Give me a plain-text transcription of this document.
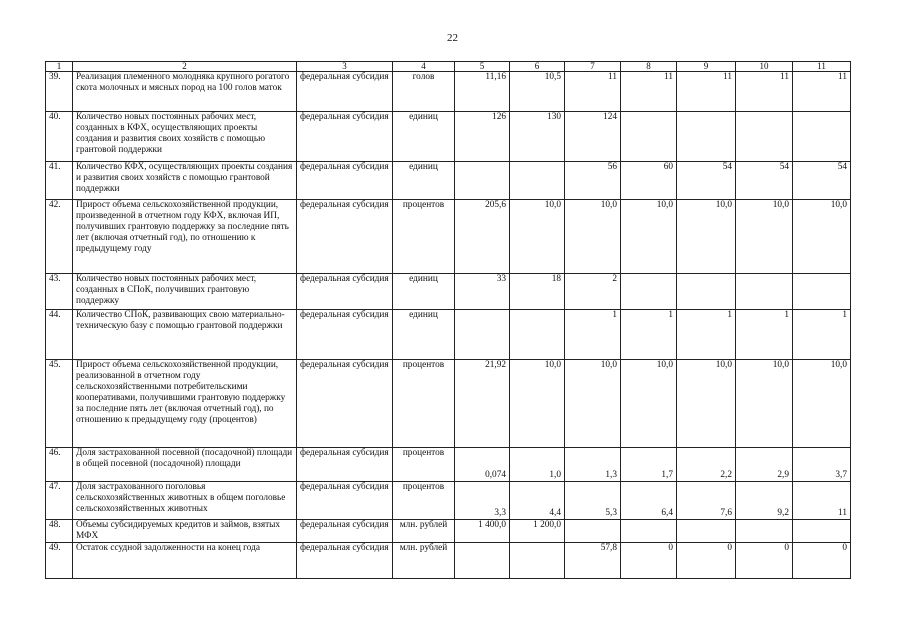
22
1	2	3	4	5	6	7	8	9	10	11
39.	Реализация племенного молодняка крупного рогатого скота молочных и мясных пород на 100 голов маток	федеральная субсидия	голов	11,16	10,5	11	11	11	11	11
40.	Количество новых постоянных рабочих мест, созданных в КФХ, осуществляющих проекты создания и развития своих хозяйств с помощью грантовой поддержки	федеральная субсидия	единиц	126	130	124				
41.	Количество КФХ, осуществляющих проекты создания и развития своих хозяйств с помощью грантовой поддержки	федеральная субсидия	единиц			56	60	54	54	54
42.	Прирост объема сельскохозяйственной продукции, произведенной в отчетном году КФХ, включая ИП, получивших грантовую поддержку за последние пять лет (включая отчетный год), по отношению к предыдущему году	федеральная субсидия	процентов	205,6	10,0	10,0	10,0	10,0	10,0	10,0
43.	Количество новых постоянных рабочих мест, созданных в СПоК, получивших грантовую поддержку	федеральная субсидия	единиц	33	18	2				
44.	Количество СПоК, развивающих свою материально-техническую базу с помощью грантовой поддержки	федеральная субсидия	единиц			1	1	1	1	1
45.	Прирост объема сельскохозяйственной продукции, реализованной в отчетном году сельскохозяйственными потребительскими кооперативами, получившими грантовую поддержку за последние пять лет (включая отчетный год), по отношению к предыдущему году (процентов)	федеральная субсидия	процентов	21,92	10,0	10,0	10,0	10,0	10,0	10,0
46.	Доля застрахованной посевной (посадочной) площади в общей посевной (посадочной) площади	федеральная субсидия	процентов	0,074	1,0	1,3	1,7	2,2	2,9	3,7
47.	Доля застрахованного поголовья сельскохозяйственных животных в общем поголовье сельскохозяйственных животных	федеральная субсидия	процентов	3,3	4,4	5,3	6,4	7,6	9,2	11
48.	Объемы субсидируемых кредитов и займов, взятых МФХ	федеральная субсидия	млн. рублей	1 400,0	1 200,0					
49.	Остаток ссудной задолженности на конец года	федеральная субсидия	млн. рублей			57,8	0	0	0	0
